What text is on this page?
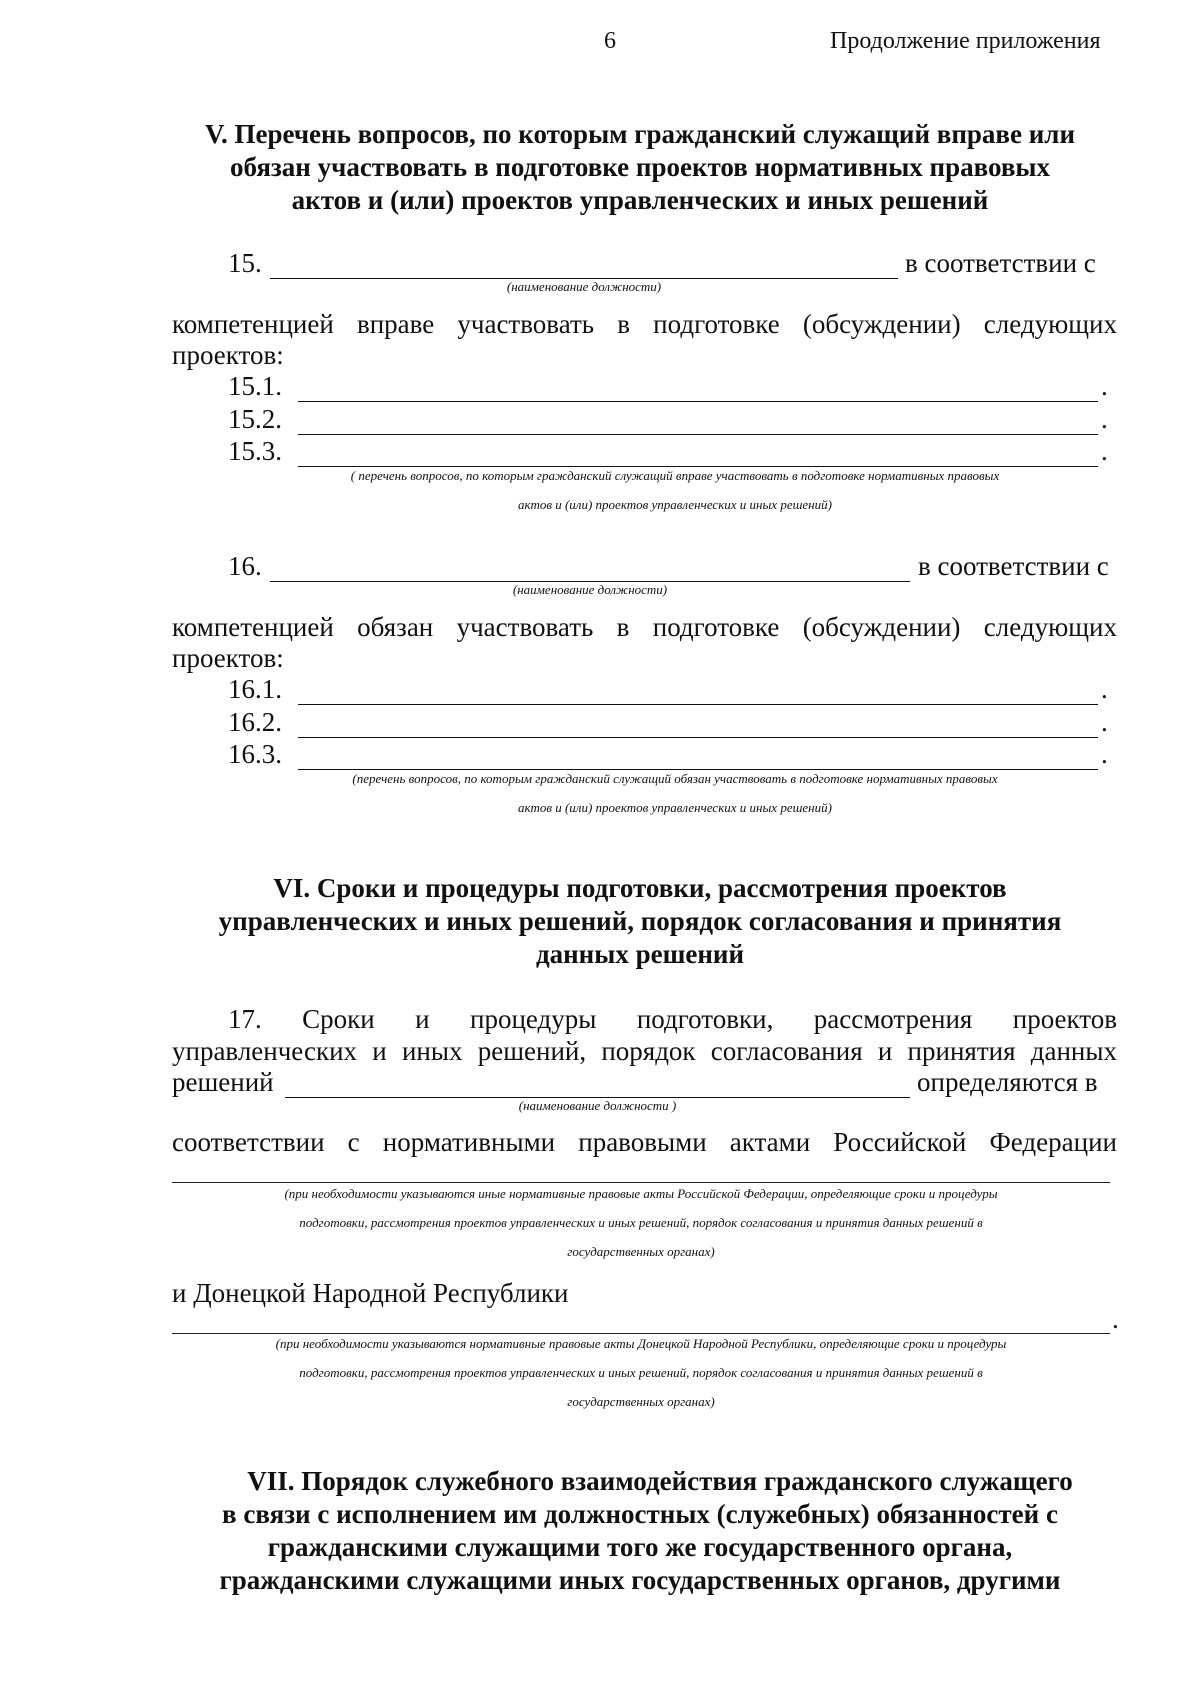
6	Продолжение приложения
V. Перечень вопросов, по которым гражданский служащий вправе или
обязан участвовать в подготовке проектов нормативных правовых
актов и (или) проектов управленческих и иных решений
15.	в соответствии с
(наименование должности)
компетенцией вправе участвовать в подготовке (обсуждении) следующих
проектов:
15.1.	.
15.2.	.
15.3.	.
( перечень вопросов, по которым гражданский служащий вправе участвовать в подготовке нормативных правовых
актов и (или) проектов управленческих и иных решений)
16.	в соответствии с
(наименование должности)
компетенцией обязан участвовать в подготовке (обсуждении) следующих
проектов:
16.1.	.
16.2.	.
16.3.	.
(перечень вопросов, по которым гражданский служащий обязан участвовать в подготовке нормативных правовых
актов и (или) проектов управленческих и иных решений)
VI. Сроки и процедуры подготовки, рассмотрения проектов
управленческих и иных решений, порядок согласования и принятия
данных решений
17.  Сроки  и  процедуры  подготовки,  рассмотрения  проектов
управленческих и иных решений, порядок согласования и принятия данных
решений	определяются в
(наименование должности )
соответствии с нормативными правовыми актами Российской Федерации
(при необходимости указываются иные нормативные правовые акты Российской Федерации, определяющие сроки и процедуры
подготовки, рассмотрения проектов управленческих и иных решений, порядок согласования и принятия данных решений в
государственных органах)
и Донецкой Народной Республики
.
(при необходимости указываются нормативные правовые акты Донецкой Народной Республики, определяющие сроки и процедуры
подготовки, рассмотрения проектов управленческих и иных решений, порядок согласования и принятия данных решений в
государственных органах)
VII. Порядок служебного взаимодействия гражданского служащего
в связи с исполнением им должностных (служебных) обязанностей с
гражданскими служащими того же государственного органа,
гражданскими служащими иных государственных органов, другими
